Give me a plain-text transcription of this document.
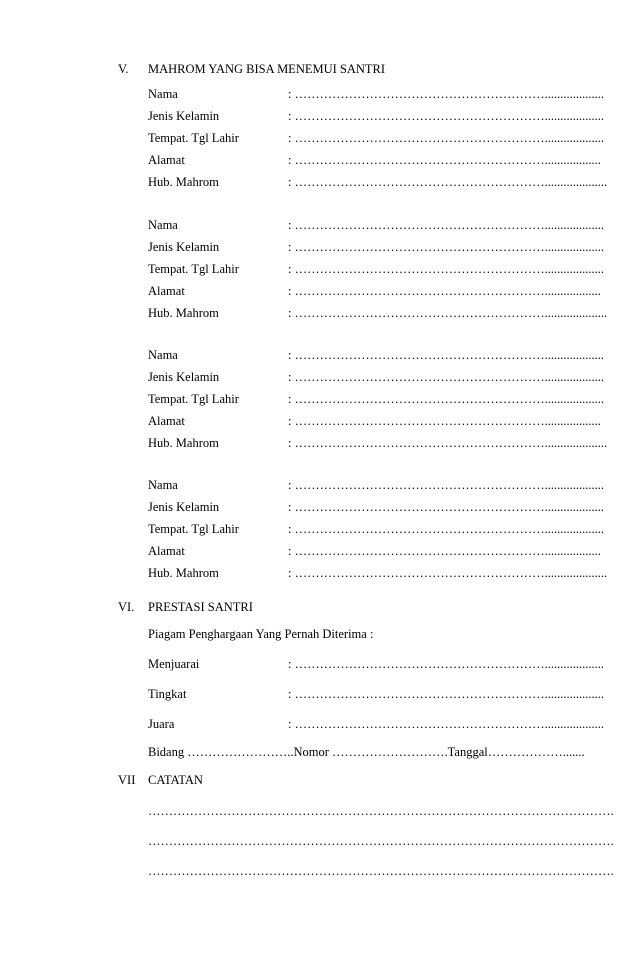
V. MAHROM YANG BISA MENEMUI SANTRI
Nama	: ……………………………………………………...................
Jenis Kelamin	: ……………………………………………………...................
Tempat. Tgl Lahir	: ……………………………………………………...................
Alamat	: ……………………………………………………..................
Hub. Mahrom	: ……………………………………………………....................
Nama	: ……………………………………………………...................
Jenis Kelamin	: ……………………………………………………...................
Tempat. Tgl Lahir	: ……………………………………………………...................
Alamat	: ……………………………………………………..................
Hub. Mahrom	: ……………………………………………………....................
Nama	: ……………………………………………………...................
Jenis Kelamin	: ……………………………………………………...................
Tempat. Tgl Lahir	: ……………………………………………………...................
Alamat	: ……………………………………………………..................
Hub. Mahrom	: ……………………………………………………....................
Nama	: ……………………………………………………...................
Jenis Kelamin	: ……………………………………………………...................
Tempat. Tgl Lahir	: ……………………………………………………...................
Alamat	: ……………………………………………………..................
Hub. Mahrom	: ……………………………………………………....................
VI. PRESTASI SANTRI
Piagam Penghargaan Yang Pernah Diterima :
Menjuarai	: ……………………………………………………...................
Tingkat	: ……………………………………………………...................
Juara	: ……………………………………………………...................
Bidang ……………………..Nomor ……………………….Tanggal……………….......
VII CATATAN
………………………………………………………………………………………………….
………………………………………………………………………………………………….
………………………………………………………………………………………………….
